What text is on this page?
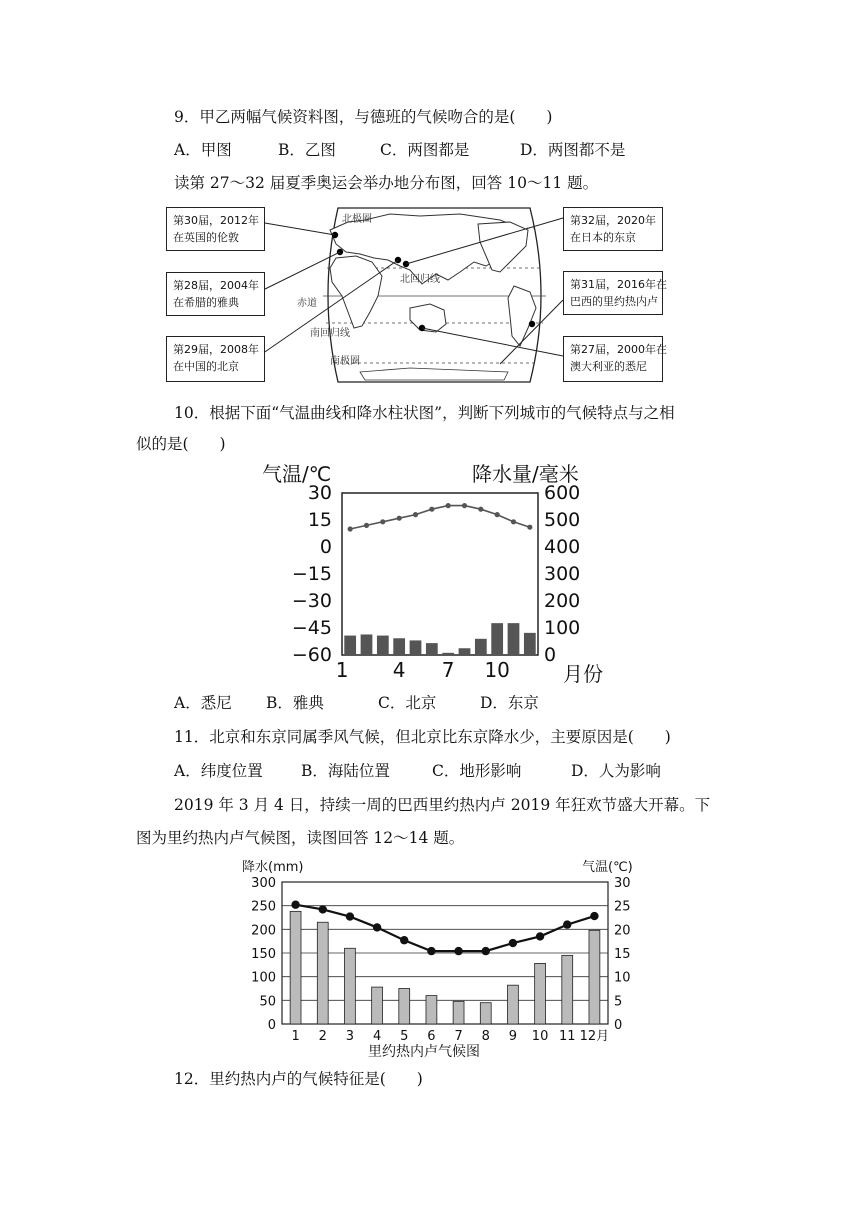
9．甲乙两幅气候资料图，与德班的气候吻合的是(　　)
A．甲图	B．乙图	C．两图都是	D．两图都不是
读第 27～32 届夏季奥运会举办地分布图，回答 10～11 题。
北极圈
北回归线
赤道
南回归线
南极圈
第30届，2012年
在英国的伦敦
第28届，2004年
在希腊的雅典
第29届，2008年
在中国的北京
第32届，2020年
在日本的东京
第31届，2016年在
巴西的里约热内卢
第27届，2000年在
澳大利亚的悉尼
10．根据下面“气温曲线和降水柱状图”，判断下列城市的气候特点与之相
似的是(　　)
气温/℃	降水量/毫米
月份
30
15
0
−15
−30
−45
−60
600
500
400
300
200
100
0
1 4 7 10
A．悉尼 B．雅典	C．北京	D．东京
11．北京和东京同属季风气候，但北京比东京降水少，主要原因是(　　)
A．纬度位置 B．海陆位置	C．地形影响	D．人为影响
2019 年 3 月 4 日，持续一周的巴西里约热内卢 2019 年狂欢节盛大开幕。下
图为里约热内卢气候图，读图回答 12～14 题。
降水(mm)	气温(℃)
里约热内卢气候图
300
250
200
150
100
50
0
30
25
20
15
10
5
0
1 2 3 4 5 6 7 8 9 10 11 12月
12．里约热内卢的气候特征是(　　)
